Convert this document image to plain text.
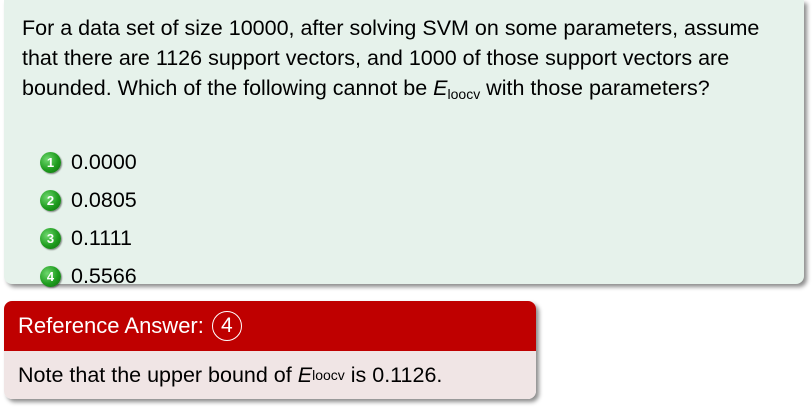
For a data set of size 10000, after solving SVM on some parameters, assume that there are 1126 support vectors, and 1000 of those support vectors are bounded. Which of the following cannot be $E_{loocv}$ with those parameters?
1 0.0000
2 0.0805
3 0.1111
4 0.5566
Reference Answer: 4
Note that the upper bound of
E loocv
is 0.1126.
